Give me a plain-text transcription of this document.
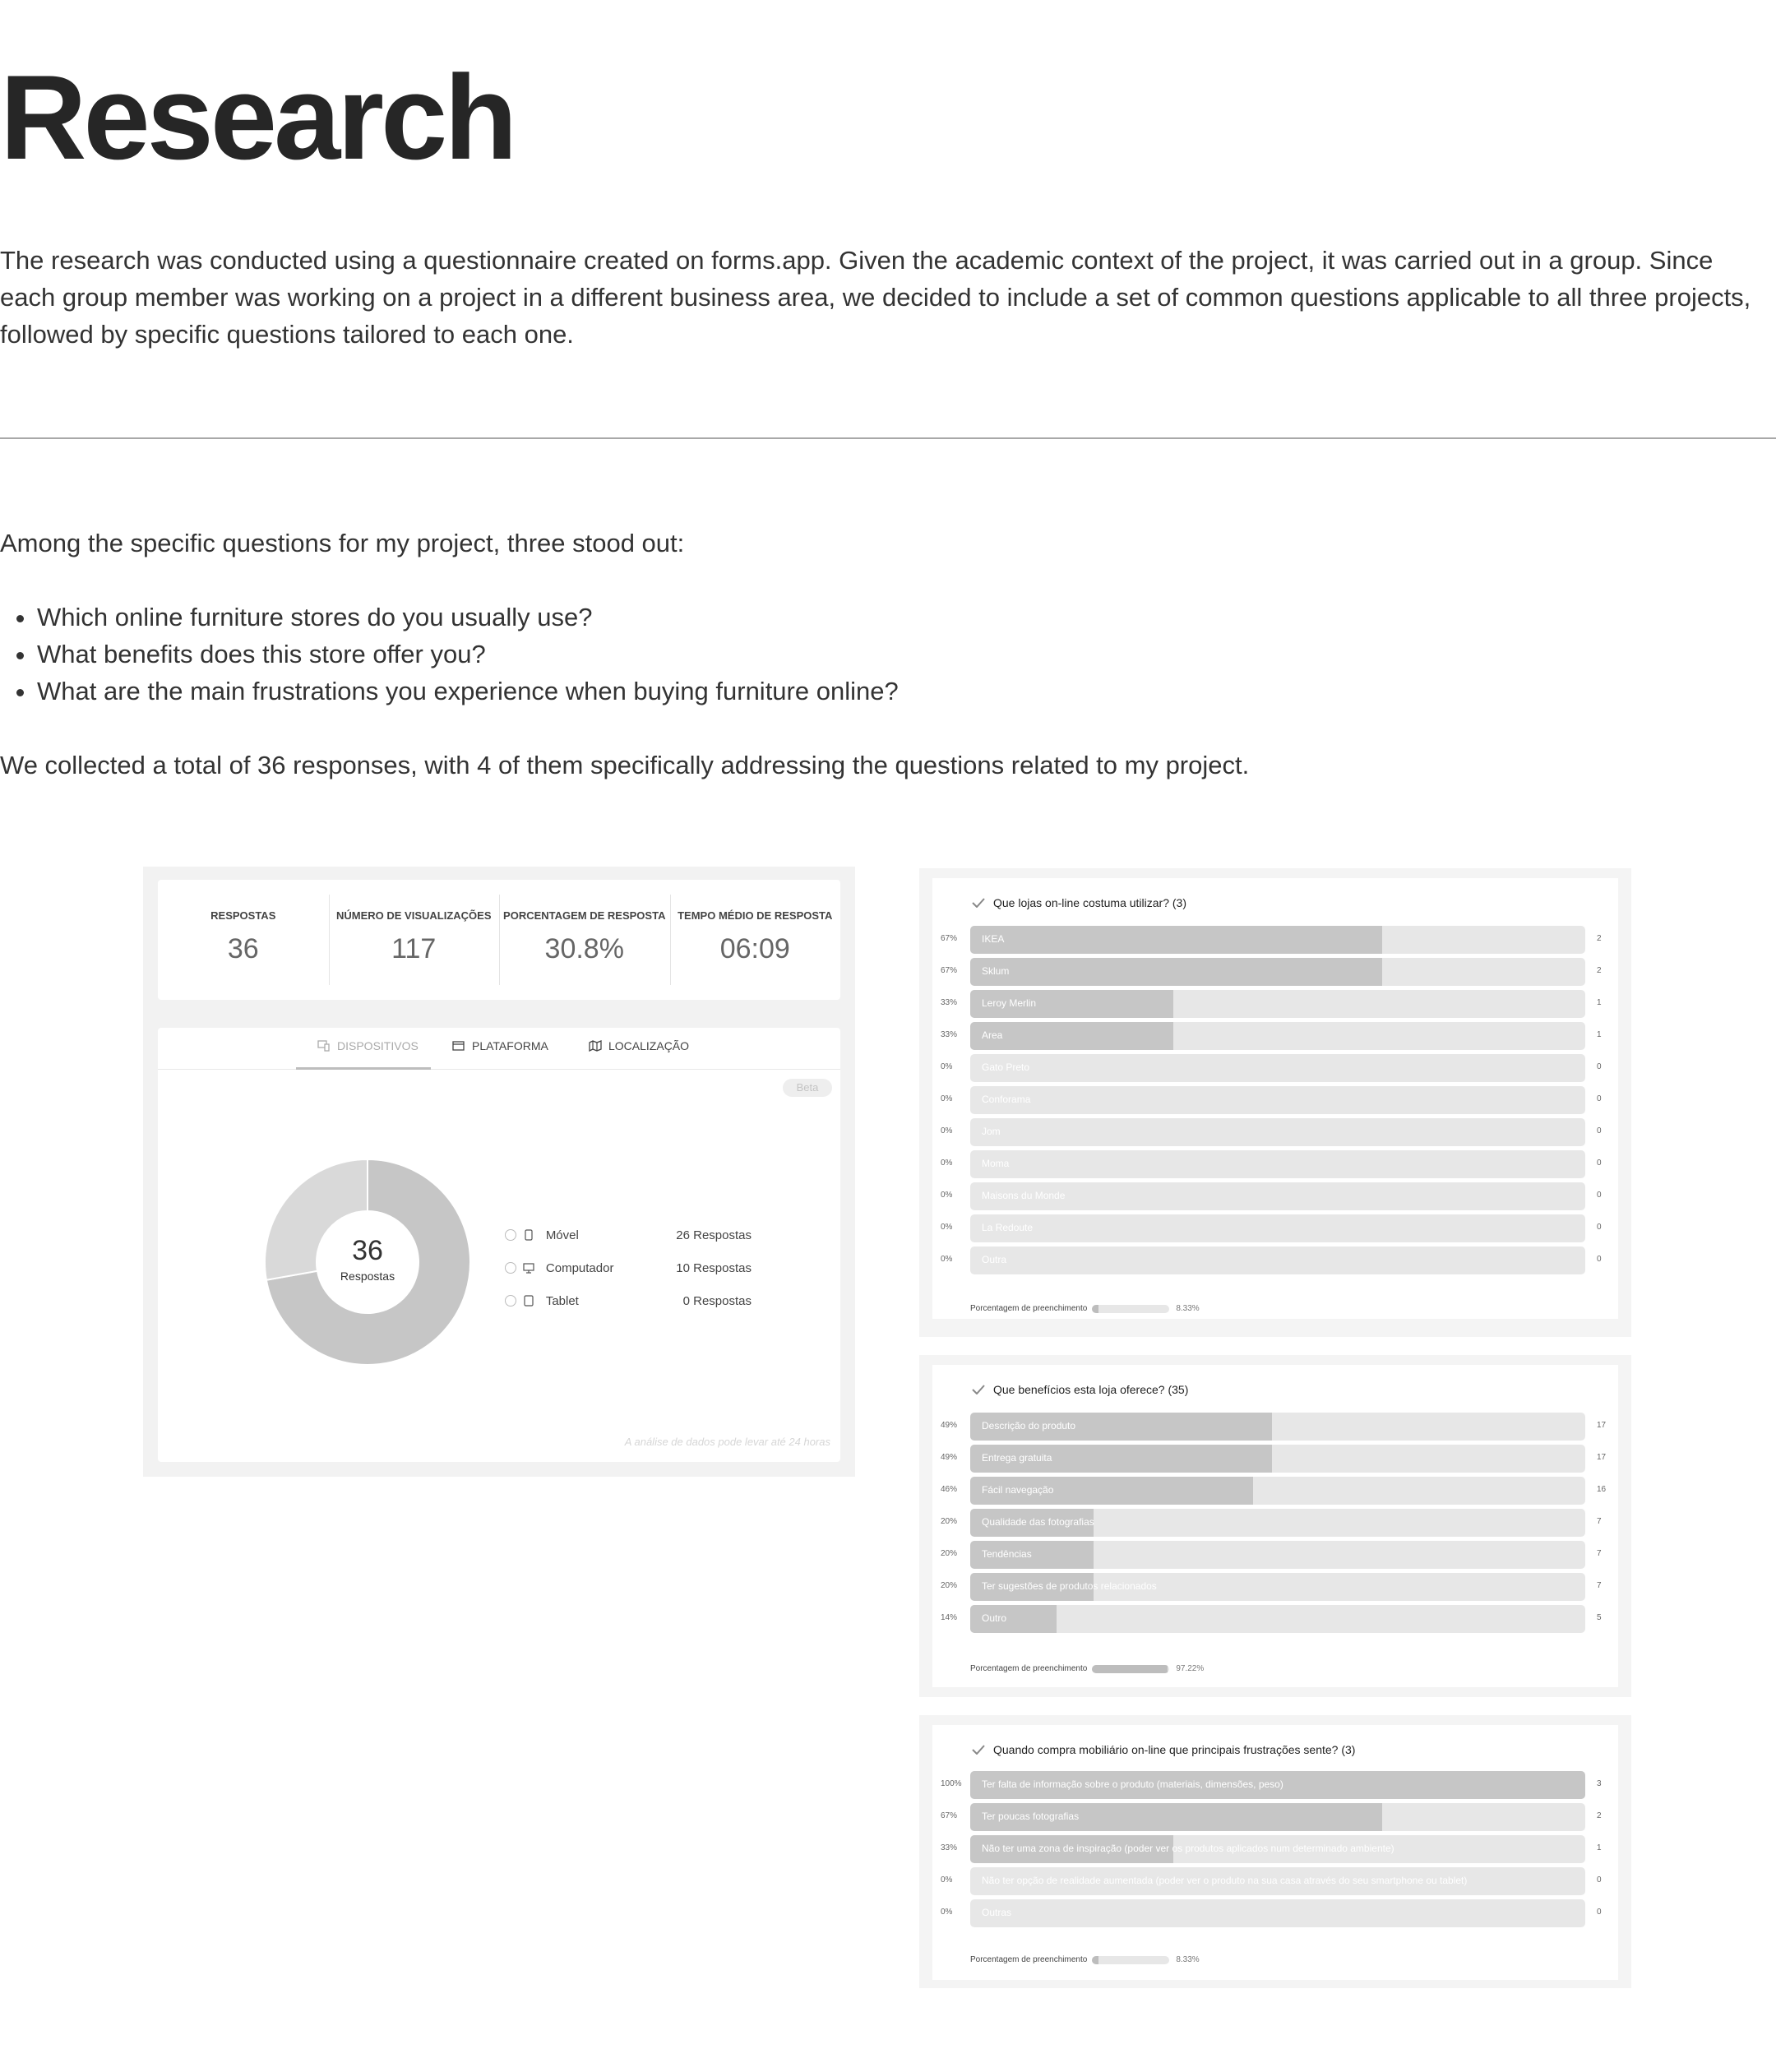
Research

The research was conducted using a questionnaire created on forms.app. Given the academic context of the project, it was carried out in a group. Since each group member was working on a project in a different business area, we decided to include a set of common questions applicable to all three projects, followed by specific questions tailored to each one.

Among the specific questions for my project, three stood out:

• Which online furniture stores do you usually use?
• What benefits does this store offer you?
• What are the main frustrations you experience when buying furniture online?

We collected a total of 36 responses, with 4 of them specifically addressing the questions related to my project.

RESPOSTAS
36
NÚMERO DE VISUALIZAÇÕES
117
PORCENTAGEM DE RESPOSTA
30.8%
TEMPO MÉDIO DE RESPOSTA
06:09
DISPOSITIVOS	PLATAFORMA	LOCALIZAÇÃO
Beta
36
Respostas
Móvel	26 Respostas
Computador	10 Respostas
Tablet	0 Respostas
A análise de dados pode levar até 24 horas
Que lojas on-line costuma utilizar? (3)
67%	IKEA	2
67%	Sklum	2
33%	Leroy Merlin	1
33%	Area	1
0%	Gato Preto	0
0%	Conforama	0
0%	Jom	0
0%	Moma	0
0%	Maisons du Monde	0
0%	La Redoute	0
0%	Outra	0
Porcentagem de preenchimento	8.33%
Que benefícios esta loja oferece? (35)
49%	Descrição do produto	17
49%	Entrega gratuita	17
46%	Fácil navegação	16
20%	Qualidade das fotografias	7
20%	Tendências	7
20%	Ter sugestões de produtos relacionados	7
14%	Outro	5
Porcentagem de preenchimento	97.22%
Quando compra mobiliário on-line que principais frustrações sente? (3)
100%	Ter falta de informação sobre o produto (materiais, dimensões, peso)	3
67%	Ter poucas fotografias	2
33%	Não ter uma zona de inspiração (poder ver os produtos aplicados num determinado ambiente)	1
0%	Não ter opção de realidade aumentada (poder ver o produto na sua casa através do seu smartphone ou tablet)	0
0%	Outras	0
Porcentagem de preenchimento	8.33%
